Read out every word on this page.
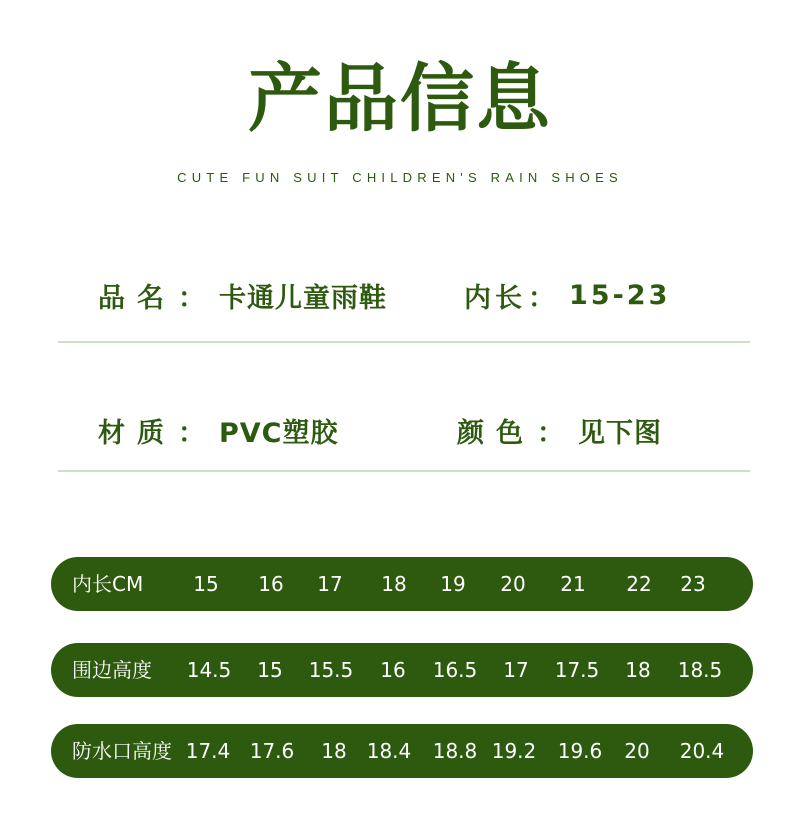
产品信息
CUTE FUN SUIT CHILDREN'S RAIN SHOES
品名 ： 卡通儿童雨鞋	内长 ： 15-23
材质 ： PVC塑胶	颜色 ： 见下图
内长CM	15	16	17	18	19	20	21	22	23
围边高度	14.5	15	15.5	16	16.5	17	17.5	18	18.5
防水口高度 17.4 17.6	18	18.4	18.8 19.2	19.6	20	20.4
